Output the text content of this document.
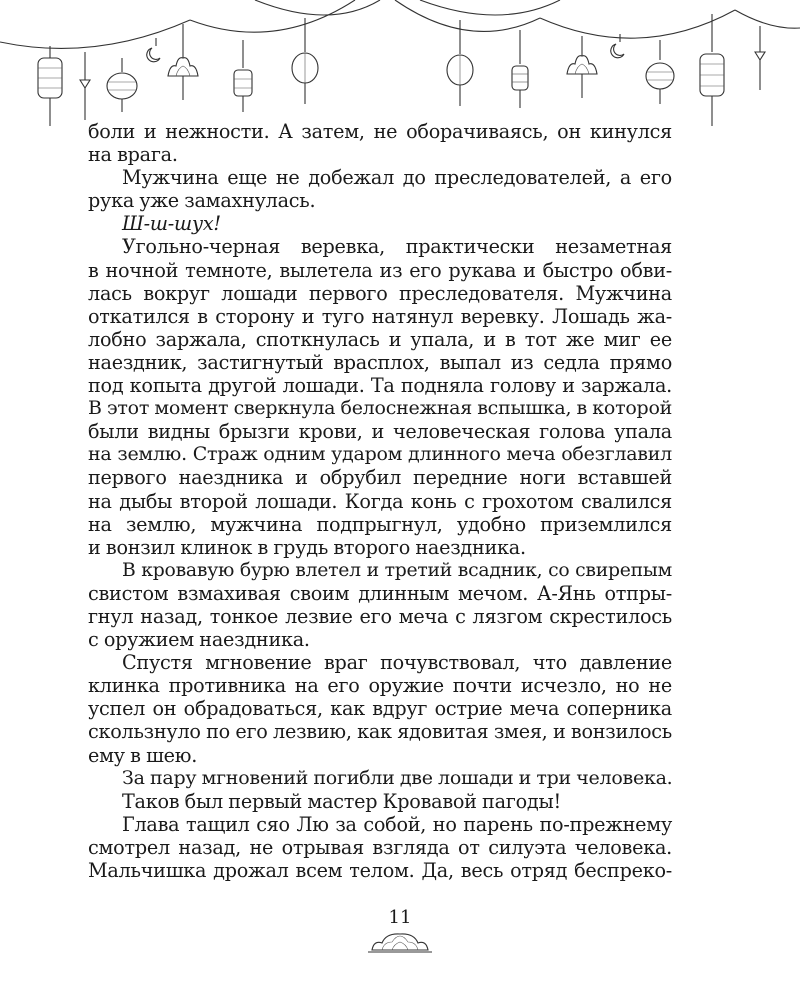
боли и нежности. А затем, не оборачиваясь, он кинулся
на врага.
Мужчина еще не добежал до преследователей, а его
рука уже замахнулась.
Ш-ш-шух!
Угольно-черная веревка, практически незаметная
в ночной темноте, вылетела из его рукава и быстро обви-
лась вокруг лошади первого преследователя. Мужчина
откатился в сторону и туго натянул веревку. Лошадь жа-
лобно заржала, споткнулась и упала, и в тот же миг ее
наездник, застигнутый врасплох, выпал из седла прямо
под копыта другой лошади. Та подняла голову и заржала.
В этот момент сверкнула белоснежная вспышка, в которой
были видны брызги крови, и человеческая голова упала
на землю. Страж одним ударом длинного меча обезглавил
первого наездника и обрубил передние ноги вставшей
на дыбы второй лошади. Когда конь с грохотом свалился
на землю, мужчина подпрыгнул, удобно приземлился
и вонзил клинок в грудь второго наездника.
В кровавую бурю влетел и третий всадник, со свирепым
свистом взмахивая своим длинным мечом. А-Янь отпры-
гнул назад, тонкое лезвие его меча с лязгом скрестилось
с оружием наездника.
Спустя мгновение враг почувствовал, что давление
клинка противника на его оружие почти исчезло, но не
успел он обрадоваться, как вдруг острие меча соперника
скользнуло по его лезвию, как ядовитая змея, и вонзилось
ему в шею.
За пару мгновений погибли две лошади и три человека.
Таков был первый мастер Кровавой пагоды!
Глава тащил сяо Лю за собой, но парень по-прежнему
смотрел назад, не отрывая взгляда от силуэта человека.
Мальчишка дрожал всем телом. Да, весь отряд беспреко-
11
